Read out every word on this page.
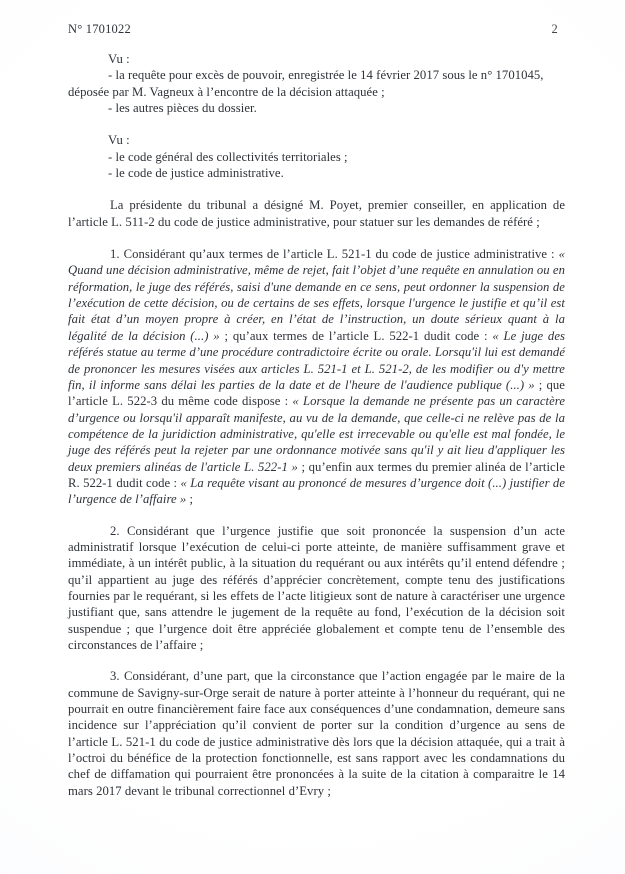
N° 1701022	2

Vu :

- la requête pour excès de pouvoir, enregistrée le 14 février 2017 sous le n° 1701045,

déposée par M. Vagneux à l’encontre de la décision attaquée ;

- les autres pièces du dossier.

Vu :

- le code général des collectivités territoriales ;

- le code de justice administrative.

La présidente du tribunal a désigné M. Poyet, premier conseiller, en application de l’article L. 511-2 du code de justice administrative, pour statuer sur les demandes de référé ;

1. Considérant qu’aux termes de l’article L. 521-1 du code de justice administrative : « Quand une décision administrative, même de rejet, fait l’objet d’une requête en annulation ou en réformation, le juge des référés, saisi d'une demande en ce sens, peut ordonner la suspension de l’exécution de cette décision, ou de certains de ses effets, lorsque l'urgence le justifie et qu’il est fait état d’un moyen propre à créer, en l’état de l’instruction, un doute sérieux quant à la légalité de la décision (...) » ; qu’aux termes de l’article L. 522-1 dudit code : « Le juge des référés statue au terme d’une procédure contradictoire écrite ou orale. Lorsqu'il lui est demandé de prononcer les mesures visées aux articles L. 521-1 et L. 521-2, de les modifier ou d'y mettre fin, il informe sans délai les parties de la date et de l'heure de l'audience publique (...) » ; que l’article L. 522-3 du même code dispose : « Lorsque la demande ne présente pas un caractère d’urgence ou lorsqu'il apparaît manifeste, au vu de la demande, que celle-ci ne relève pas de la compétence de la juridiction administrative, qu'elle est irrecevable ou qu'elle est mal fondée, le juge des référés peut la rejeter par une ordonnance motivée sans qu'il y ait lieu d'appliquer les deux premiers alinéas de l'article L. 522-1 » ; qu’enfin aux termes du premier alinéa de l’article R. 522-1 dudit code : « La requête visant au prononcé de mesures d’urgence doit (...) justifier de l’urgence de l’affaire » ;

2. Considérant que l’urgence justifie que soit prononcée la suspension d’un acte administratif lorsque l’exécution de celui-ci porte atteinte, de manière suffisamment grave et immédiate, à un intérêt public, à la situation du requérant ou aux intérêts qu’il entend défendre ; qu’il appartient au juge des référés d’apprécier concrètement, compte tenu des justifications fournies par le requérant, si les effets de l’acte litigieux sont de nature à caractériser une urgence justifiant que, sans attendre le jugement de la requête au fond, l’exécution de la décision soit suspendue ; que l’urgence doit être appréciée globalement et compte tenu de l’ensemble des circonstances de l’affaire ;

3. Considérant, d’une part, que la circonstance que l’action engagée par le maire de la commune de Savigny-sur-Orge serait de nature à porter atteinte à l’honneur du requérant, qui ne pourrait en outre financièrement faire face aux conséquences d’une condamnation, demeure sans incidence sur l’appréciation qu’il convient de porter sur la condition d’urgence au sens de l’article L. 521-1 du code de justice administrative dès lors que la décision attaquée, qui a trait à l’octroi du bénéfice de la protection fonctionnelle, est sans rapport avec les condamnations du chef de diffamation qui pourraient être prononcées à la suite de la citation à comparaitre le 14 mars 2017 devant le tribunal correctionnel d’Evry ;
